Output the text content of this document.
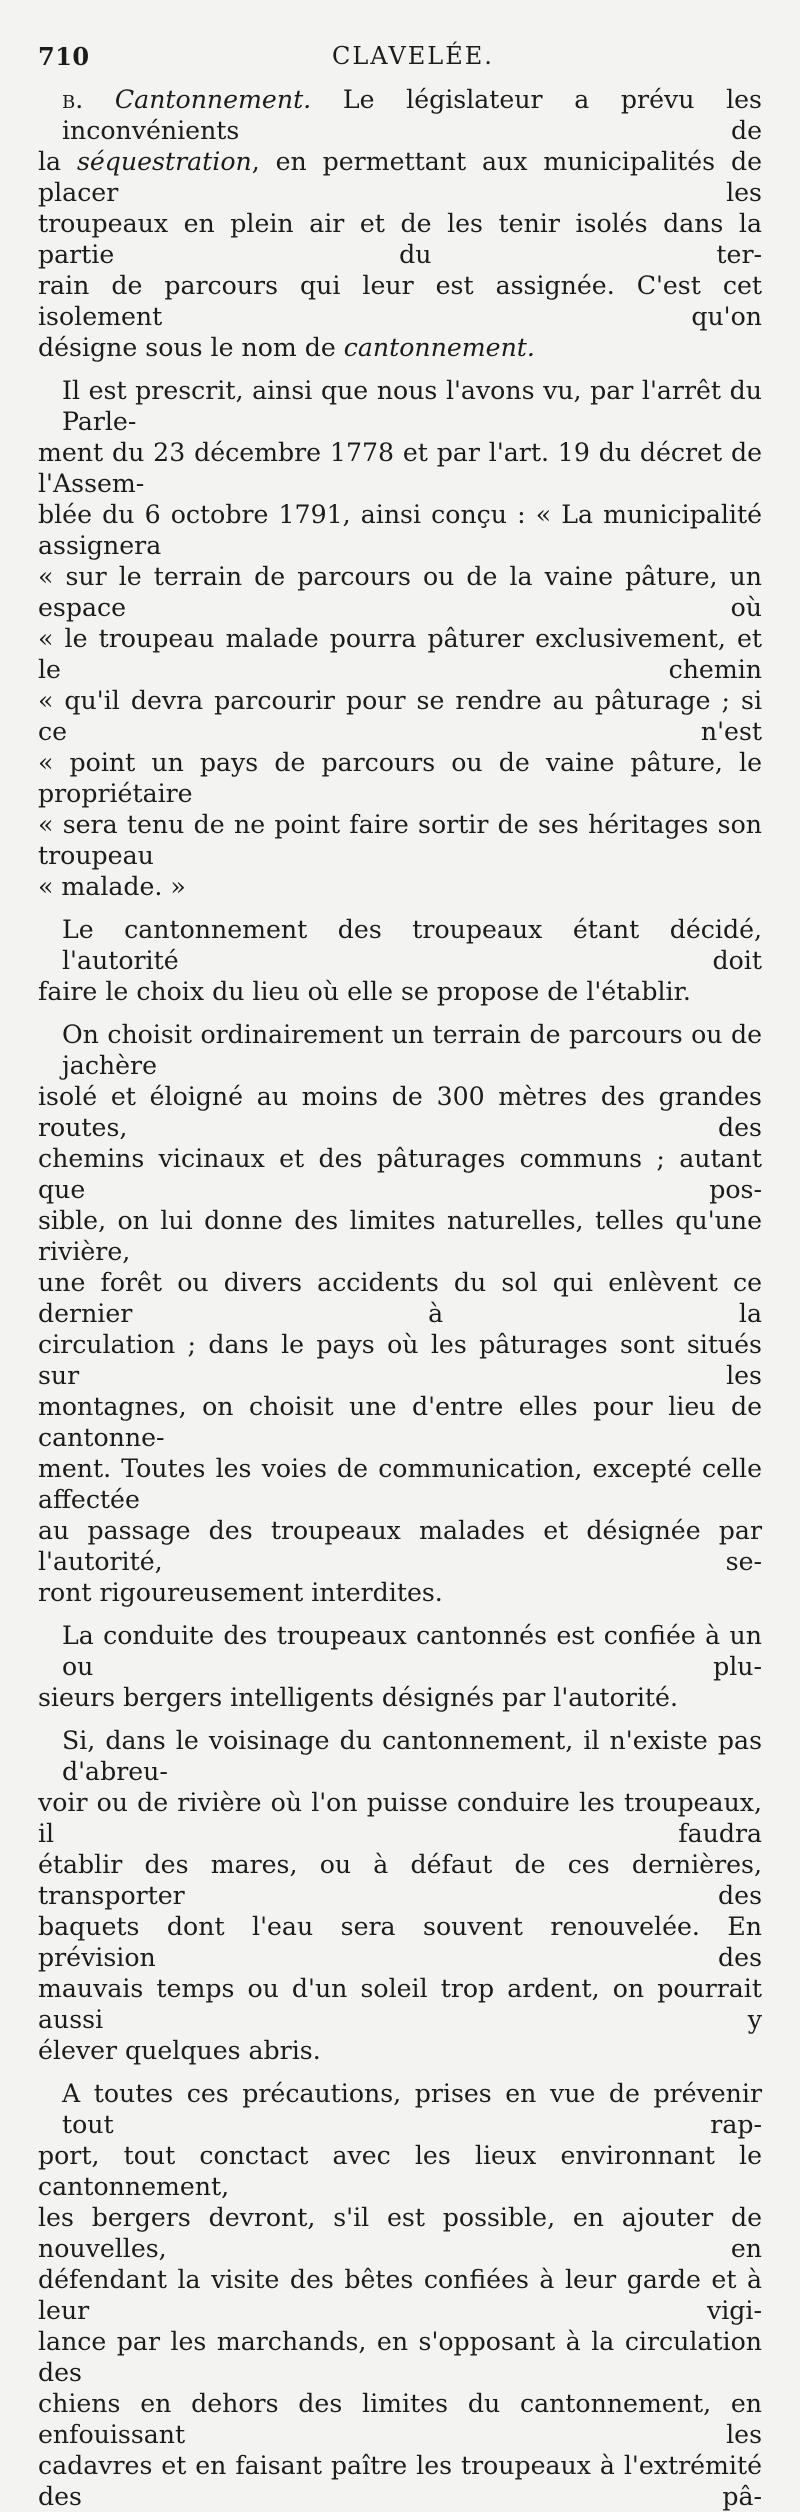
710	CLAVELÉE.
b. Cantonnement. Le législateur a prévu les inconvénients de
la séquestration, en permettant aux municipalités de placer les
troupeaux en plein air et de les tenir isolés dans la partie du ter-
rain de parcours qui leur est assignée. C'est cet isolement qu'on
désigne sous le nom de cantonnement.
Il est prescrit, ainsi que nous l'avons vu, par l'arrêt du Parle-
ment du 23 décembre 1778 et par l'art. 19 du décret de l'Assem-
blée du 6 octobre 1791, ainsi conçu : « La municipalité assignera
« sur le terrain de parcours ou de la vaine pâture, un espace où
« le troupeau malade pourra pâturer exclusivement, et le chemin
« qu'il devra parcourir pour se rendre au pâturage ; si ce n'est
« point un pays de parcours ou de vaine pâture, le propriétaire
« sera tenu de ne point faire sortir de ses héritages son troupeau
« malade. »
Le cantonnement des troupeaux étant décidé, l'autorité doit
faire le choix du lieu où elle se propose de l'établir.
On choisit ordinairement un terrain de parcours ou de jachère
isolé et éloigné au moins de 300 mètres des grandes routes, des
chemins vicinaux et des pâturages communs ; autant que pos-
sible, on lui donne des limites naturelles, telles qu'une rivière,
une forêt ou divers accidents du sol qui enlèvent ce dernier à la
circulation ; dans le pays où les pâturages sont situés sur les
montagnes, on choisit une d'entre elles pour lieu de cantonne-
ment. Toutes les voies de communication, excepté celle affectée
au passage des troupeaux malades et désignée par l'autorité, se-
ront rigoureusement interdites.
La conduite des troupeaux cantonnés est confiée à un ou plu-
sieurs bergers intelligents désignés par l'autorité.
Si, dans le voisinage du cantonnement, il n'existe pas d'abreu-
voir ou de rivière où l'on puisse conduire les troupeaux, il faudra
établir des mares, ou à défaut de ces dernières, transporter des
baquets dont l'eau sera souvent renouvelée. En prévision des
mauvais temps ou d'un soleil trop ardent, on pourrait aussi y
élever quelques abris.
A toutes ces précautions, prises en vue de prévenir tout rap-
port, tout conctact avec les lieux environnant le cantonnement,
les bergers devront, s'il est possible, en ajouter de nouvelles, en
défendant la visite des bêtes confiées à leur garde et à leur vigi-
lance par les marchands, en s'opposant à la circulation des
chiens en dehors des limites du cantonnement, en enfouissant les
cadavres et en faisant paître les troupeaux à l'extrémité des pâ-
